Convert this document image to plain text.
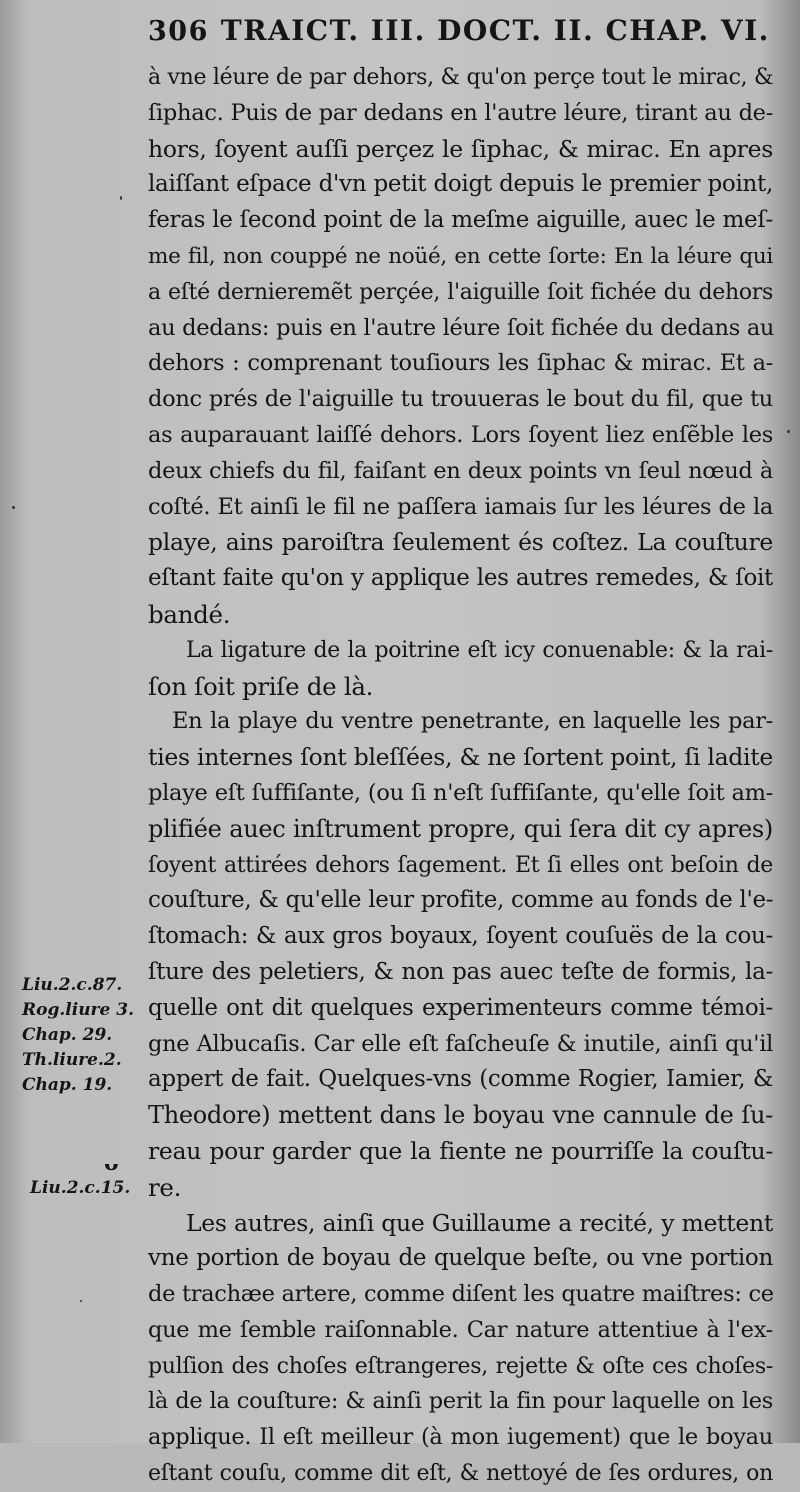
306 TRAICT. III. DOCT. II. CHAP. VI.
à vne léure de par dehors, & qu'on perçe tout le mirac, &
ſiphac. Puis de par dedans en l'autre léure, tirant au de-
hors, ſoyent auſſi perçez le ſiphac, & mirac. En apres
laiſſant eſpace d'vn petit doigt depuis le premier point,
feras le ſecond point de la meſme aiguille, auec le meſ-
me fil, non couppé ne noüé, en cette ſorte: En la léure qui
a eſté dernieremẽt perçée, l'aiguille ſoit fichée du dehors
au dedans: puis en l'autre léure ſoit fichée du dedans au
dehors : comprenant touſiours les ſiphac & mirac. Et a-
donc prés de l'aiguille tu trouueras le bout du fil, que tu
as auparauant laiſſé dehors. Lors ſoyent liez enſẽble les
deux chiefs du fil, faiſant en deux points vn ſeul nœud à
coſté. Et ainſi le fil ne paſſera iamais ſur les léures de la
playe, ains paroiſtra ſeulement és coſtez. La couſture
eſtant faite qu'on y applique les autres remedes, & ſoit
bandé.
La ligature de la poitrine eſt icy conuenable: & la rai-
ſon ſoit priſe de là.
En la playe du ventre penetrante, en laquelle les par-
ties internes ſont bleſſées, & ne ſortent point, ſi ladite
playe eſt ſuffiſante, (ou ſi n'eſt ſuffiſante, qu'elle ſoit am-
plifiée auec inſtrument propre, qui ſera dit cy apres)
ſoyent attirées dehors ſagement. Et ſi elles ont beſoin de
couſture, & qu'elle leur profite, comme au fonds de l'e-
ſtomach: & aux gros boyaux, ſoyent couſuës de la cou-
ſture des peletiers, & non pas auec teſte de formis, la-
quelle ont dit quelques experimenteurs comme témoi-
gne Albucaſis. Car elle eſt faſcheuſe & inutile, ainſi qu'il
appert de fait. Quelques-vns (comme Rogier, Iamier, &
Theodore) mettent dans le boyau vne cannule de ſu-
reau pour garder que la fiente ne pourriſſe la couſtu-
re.
Les autres, ainſi que Guillaume a recité, y mettent
vne portion de boyau de quelque beſte, ou vne portion
de trachæe artere, comme diſent les quatre maiſtres: ce
que me ſemble raiſonnable. Car nature attentiue à l'ex-
pulſion des choſes eſtrangeres, rejette & oſte ces choſes-
là de la couſture: & ainſi perit la fin pour laquelle on les
applique. Il eſt meilleur (à mon iugement) que le boyau
eſtant couſu, comme dit eſt, & nettoyé de ſes ordures, on
Liu.2.c.87.
Rog.liure 3.
Chap. 29.
Th.liure.2.
Chap. 19.
ᴗ
Liu.2.c.15.
